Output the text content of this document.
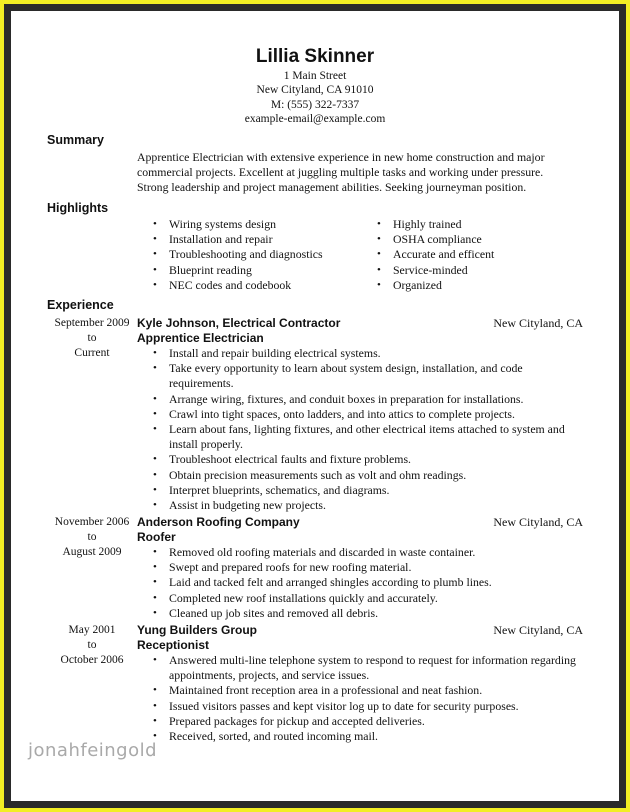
Lillia Skinner
1 Main Street
New Cityland, CA 91010
M: (555) 322-7337
example-email@example.com
Summary
Apprentice Electrician with extensive experience in new home construction and major
commercial projects. Excellent at juggling multiple tasks and working under pressure.
Strong leadership and project management abilities. Seeking journeyman position.
Highlights
• Wiring systems design
• Installation and repair
• Troubleshooting and diagnostics
• Blueprint reading
• NEC codes and codebook
• Highly trained
• OSHA compliance
• Accurate and efficent
• Service-minded
• Organized
Experience
September 2009
to
Current
Kyle Johnson, Electrical Contractor	New Cityland, CA
Apprentice Electrician
• Install and repair building electrical systems.
• Take every opportunity to learn about system design, installation, and code requirements.
• Arrange wiring, fixtures, and conduit boxes in preparation for installations.
• Crawl into tight spaces, onto ladders, and into attics to complete projects.
• Learn about fans, lighting fixtures, and other electrical items attached to system and install properly.
• Troubleshoot electrical faults and fixture problems.
• Obtain precision measurements such as volt and ohm readings.
• Interpret blueprints, schematics, and diagrams.
• Assist in budgeting new projects.
November 2006
to
August 2009
Anderson Roofing Company	New Cityland, CA
Roofer
• Removed old roofing materials and discarded in waste container.
• Swept and prepared roofs for new roofing material.
• Laid and tacked felt and arranged shingles according to plumb lines.
• Completed new roof installations quickly and accurately.
• Cleaned up job sites and removed all debris.
May 2001
to
October 2006
Yung Builders Group	New Cityland, CA
Receptionist
• Answered multi-line telephone system to respond to request for information regarding appointments, projects, and service issues.
• Maintained front reception area in a professional and neat fashion.
• Issued visitors passes and kept visitor log up to date for security purposes.
• Prepared packages for pickup and accepted deliveries.
• Received, sorted, and routed incoming mail.
jonahfeingold
